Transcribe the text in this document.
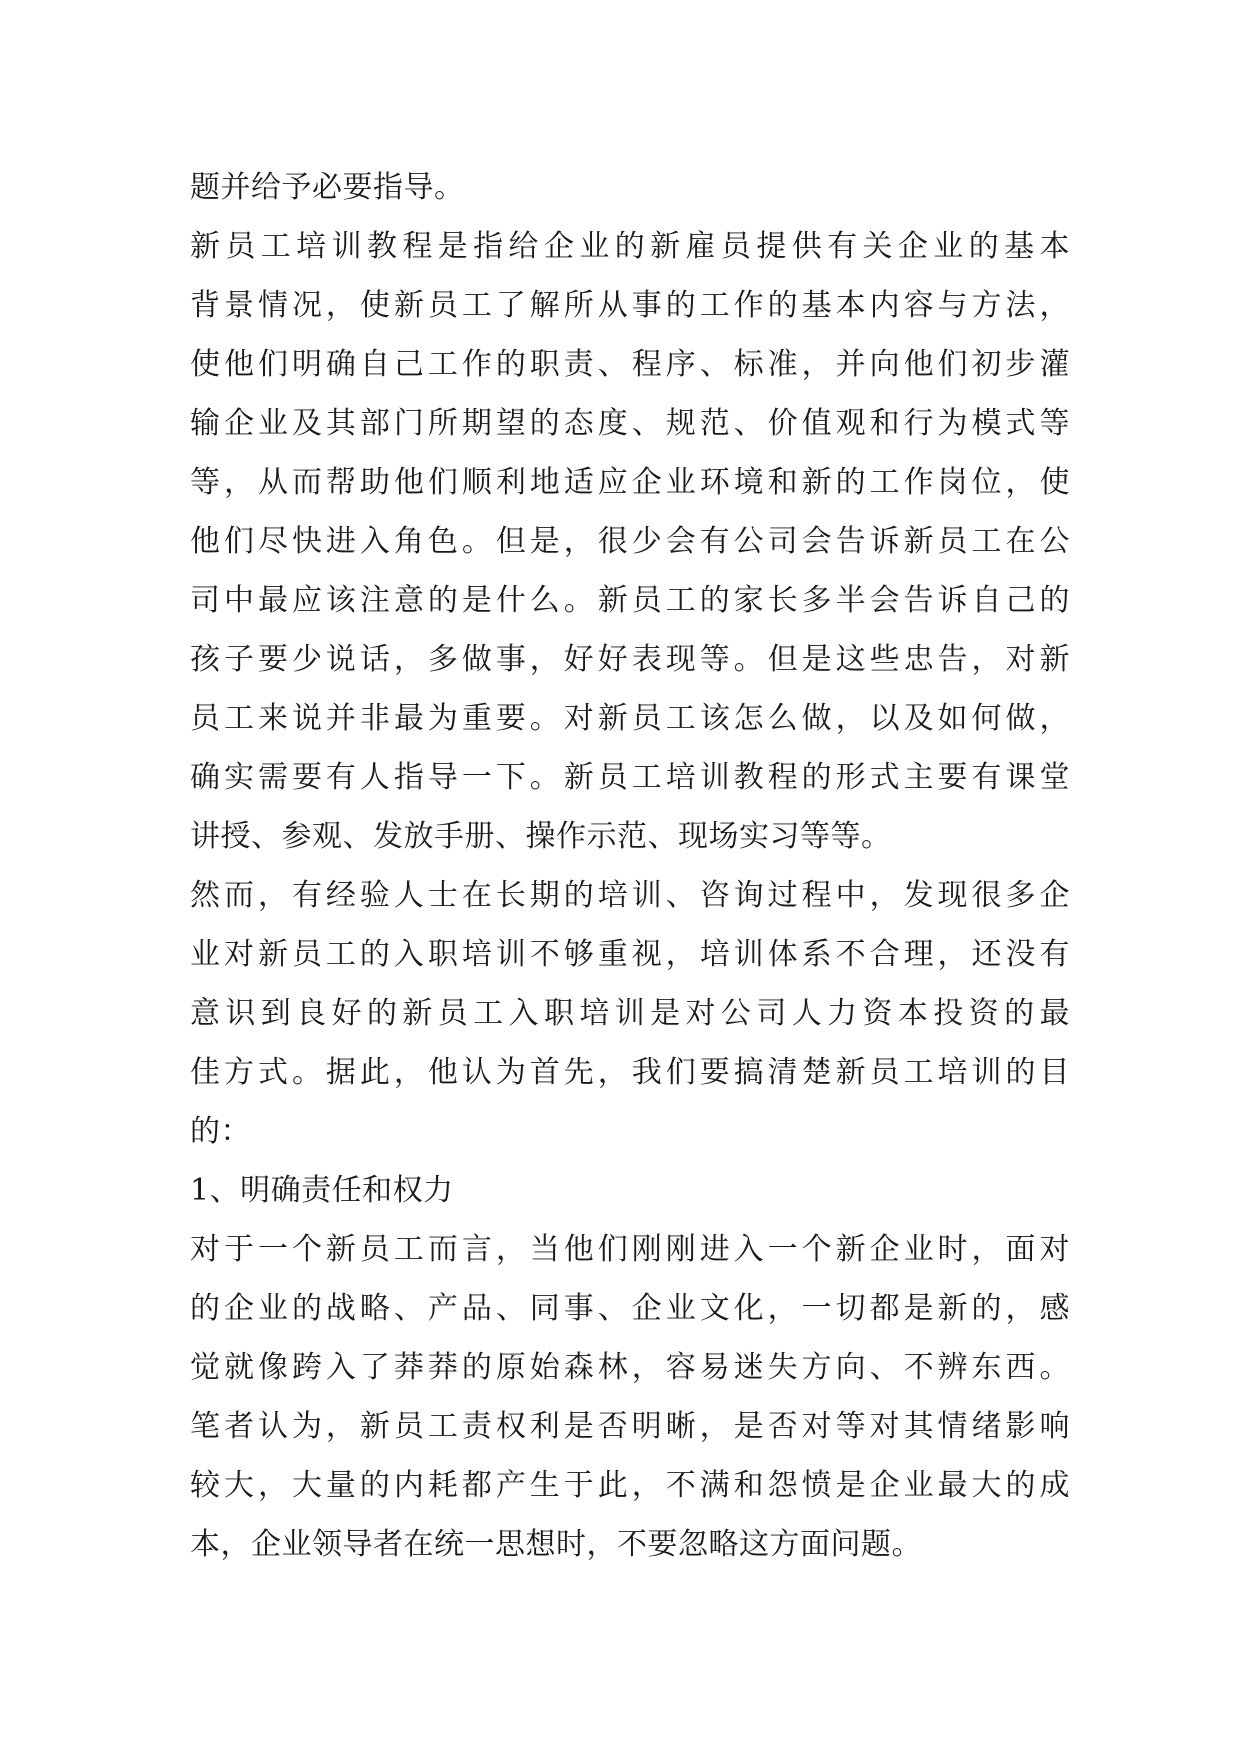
题并给予必要指导。
新员工培训教程是指给企业的新雇员提供有关企业的基本
背景情况，使新员工了解所从事的工作的基本内容与方法，
使他们明确自己工作的职责、程序、标准，并向他们初步灌
输企业及其部门所期望的态度、规范、价值观和行为模式等
等，从而帮助他们顺利地适应企业环境和新的工作岗位，使
他们尽快进入角色。但是，很少会有公司会告诉新员工在公
司中最应该注意的是什么。新员工的家长多半会告诉自己的
孩子要少说话，多做事，好好表现等。但是这些忠告，对新
员工来说并非最为重要。对新员工该怎么做，以及如何做，
确实需要有人指导一下。新员工培训教程的形式主要有课堂
讲授、参观、发放手册、操作示范、现场实习等等。
然而，有经验人士在长期的培训、咨询过程中，发现很多企
业对新员工的入职培训不够重视，培训体系不合理，还没有
意识到良好的新员工入职培训是对公司人力资本投资的最
佳方式。据此，他认为首先，我们要搞清楚新员工培训的目
的：
1、明确责任和权力
对于一个新员工而言，当他们刚刚进入一个新企业时，面对
的企业的战略、产品、同事、企业文化，一切都是新的，感
觉就像跨入了莽莽的原始森林，容易迷失方向、不辨东西。
笔者认为，新员工责权利是否明晰，是否对等对其情绪影响
较大，大量的内耗都产生于此，不满和怨愤是企业最大的成
本，企业领导者在统一思想时，不要忽略这方面问题。
